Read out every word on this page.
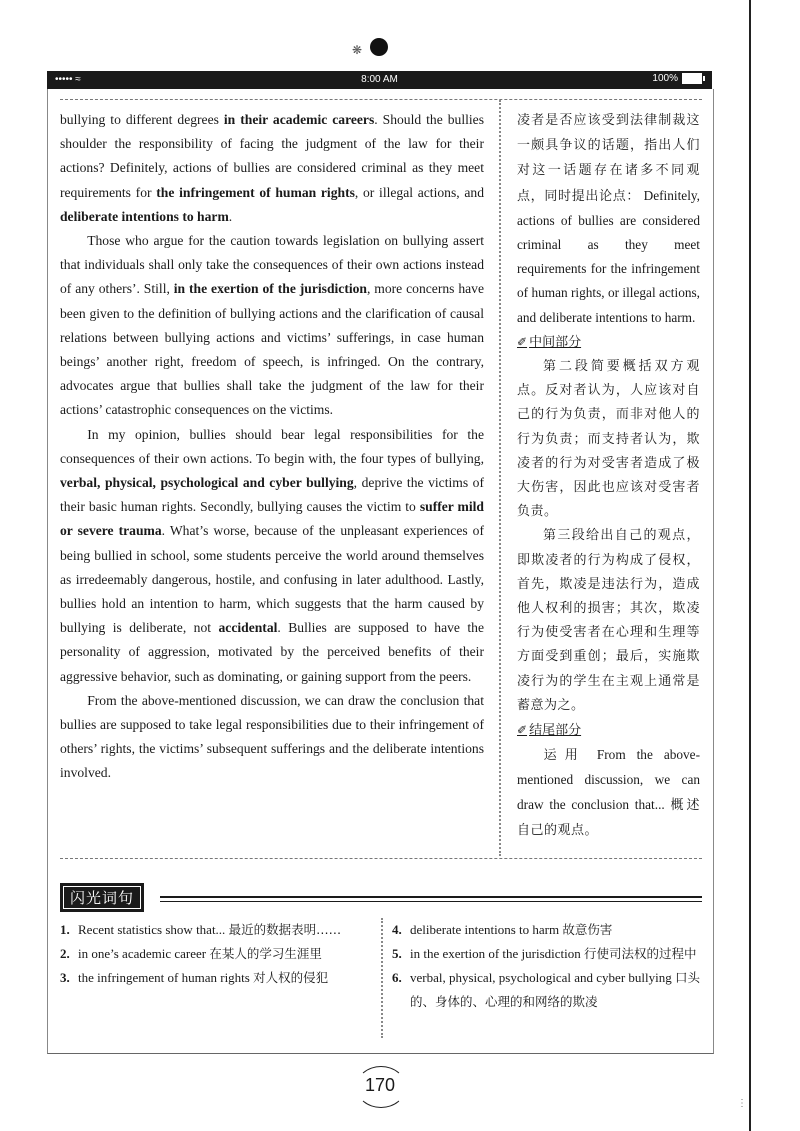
❋
••••• ≈	8:00 AM	100%

bullying to different degrees in their academic careers. Should the bullies shoulder the responsibility of facing the judgment of the law for their actions? Definitely, actions of bullies are considered criminal as they meet requirements for the infringement of human rights, or illegal actions, and deliberate intentions to harm.

Those who argue for the caution towards legislation on bullying assert that individuals shall only take the consequences of their own actions instead of any others’. Still, in the exertion of the jurisdiction, more concerns have been given to the definition of bullying actions and the clarification of causal relations between bullying actions and victims’ sufferings, in case human beings’ another right, freedom of speech, is infringed. On the contrary, advocates argue that bullies shall take the judgment of the law for their actions’ catastrophic consequences on the victims.

In my opinion, bullies should bear legal responsibilities for the consequences of their own actions. To begin with, the four types of bullying, verbal, physical, psychological and cyber bullying, deprive the victims of their basic human rights. Secondly, bullying causes the victim to suffer mild or severe trauma. What’s worse, because of the unpleasant experiences of being bullied in school, some students perceive the world around themselves as irredeemably dangerous, hostile, and confusing in later adulthood. Lastly, bullies hold an intention to harm, which suggests that the harm caused by bullying is deliberate, not accidental. Bullies are supposed to have the personality of aggression, motivated by the perceived benefits of their aggressive behavior, such as dominating, or gaining support from the peers.

From the above-mentioned discussion, we can draw the conclusion that bullies are supposed to take legal responsibilities due to their infringement of others’ rights, the victims’ subsequent sufferings and the deliberate intentions involved.

凌者是否应该受到法律制裁这一颇具争议的话题，指出人们对这一话题存在诸多不同观点，同时提出论点： Definitely, actions of bullies are considered criminal as they meet requirements for the infringement of human rights, or illegal actions, and deliberate intentions to harm.

✐ 中间部分

第二段简要概括双方观点。反对者认为，人应该对自己的行为负责，而非对他人的行为负责；而支持者认为，欺凌者的行为对受害者造成了极大伤害，因此也应该对受害者负责。

第三段给出自己的观点，即欺凌者的行为构成了侵权，首先，欺凌是违法行为，造成他人权利的损害；其次，欺凌行为使受害者在心理和生理等方面受到重创；最后，实施欺凌行为的学生在主观上通常是蓄意为之。

✐ 结尾部分

运用 From the above-mentioned discussion, we can draw the conclusion that... 概述自己的观点。

闪光词句
1. Recent statistics show that... 最近的数据表明……
2. in one’s academic career 在某人的学习生涯里
3. the infringement of human rights 对人权的侵犯
4. deliberate intentions to harm 故意伤害
5. in the exertion of the jurisdiction 行使司法权的过程中
6. verbal, physical, psychological and cyber bullying 口头的、身体的、心理的和网络的欺凌
170
⋮
